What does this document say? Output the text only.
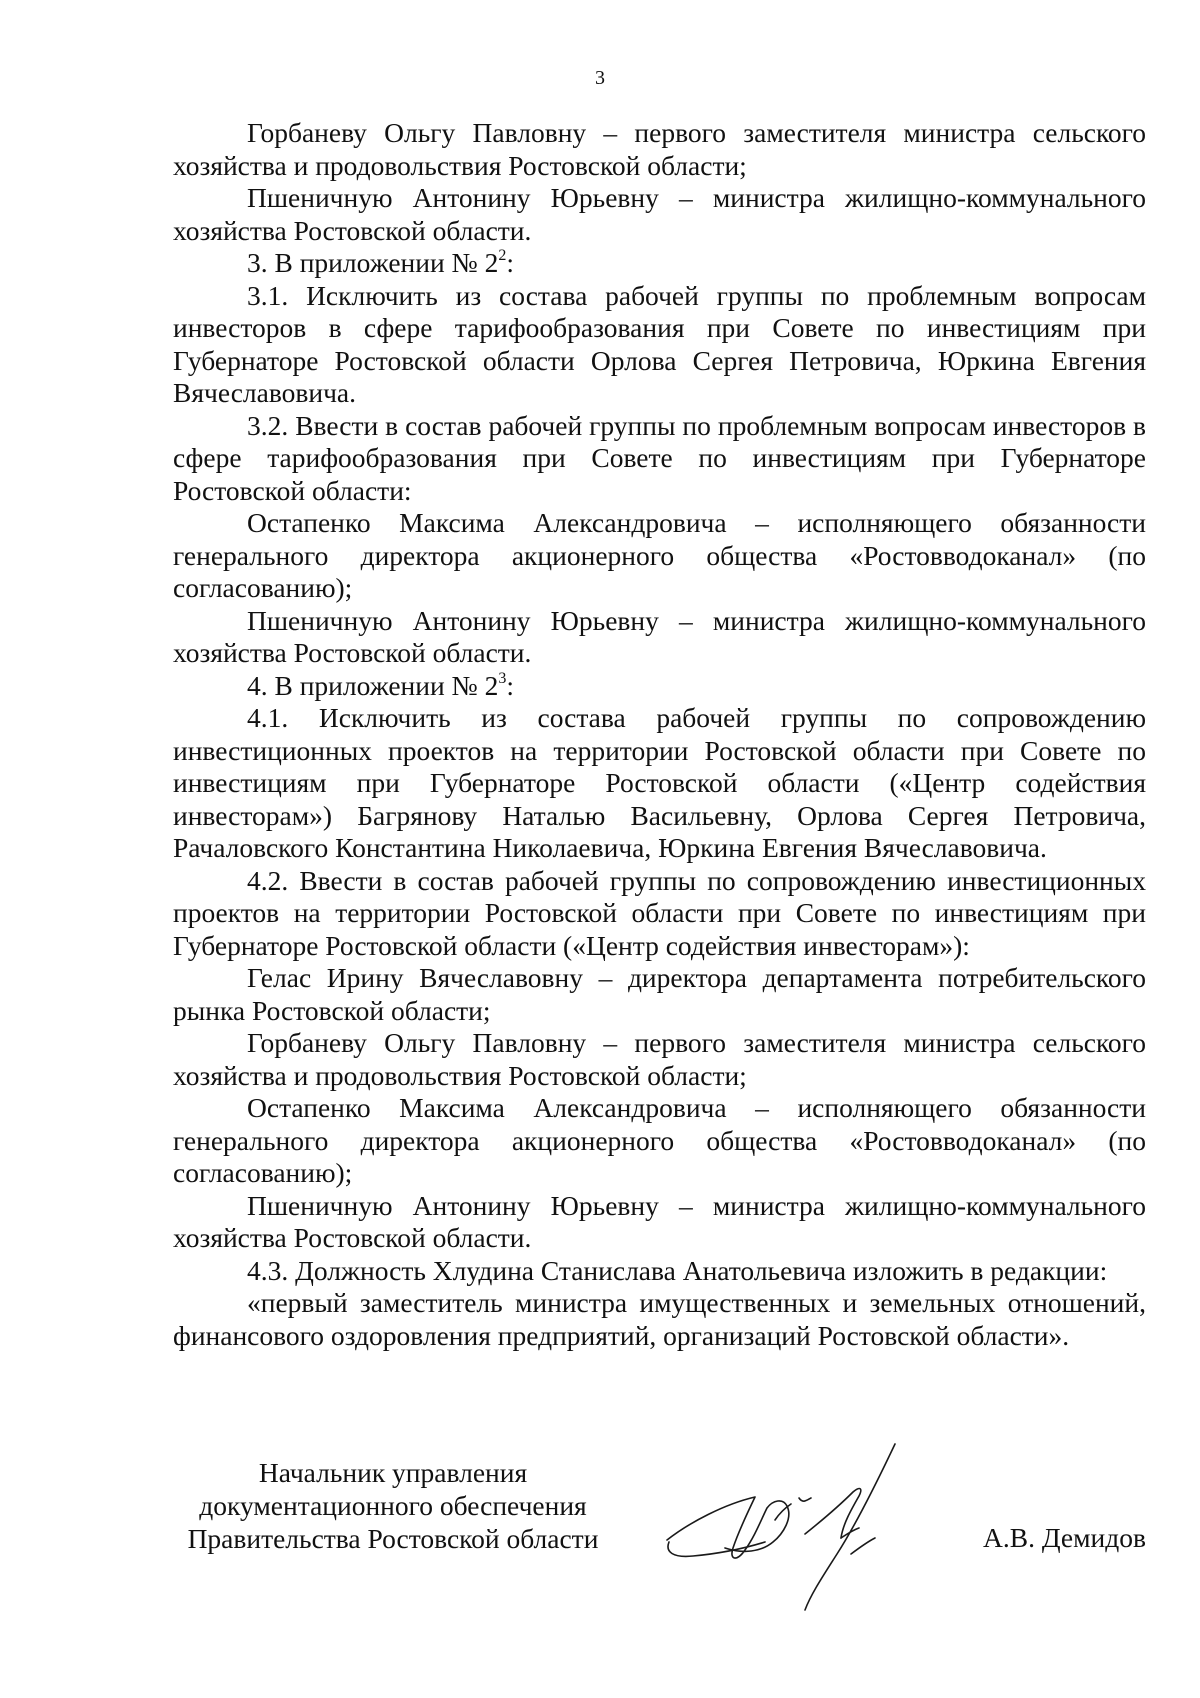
3

Горбаневу Ольгу Павловну – первого заместителя министра сельского хозяйства и продовольствия Ростовской области;

Пшеничную Антонину Юрьевну – министра жилищно-коммунального хозяйства Ростовской области.

3. В приложении № $2^2$:

3.1. Исключить из состава рабочей группы по проблемным вопросам инвесторов в сфере тарифообразования при Совете по инвестициям при Губернаторе Ростовской области Орлова Сергея Петровича, Юркина Евгения Вячеславовича.

3.2. Ввести в состав рабочей группы по проблемным вопросам инвесторов в сфере тарифообразования при Совете по инвестициям при Губернаторе Ростовской области:

Остапенко Максима Александровича – исполняющего обязанности генерального директора акционерного общества «Ростовводоканал» (по согласованию);

Пшеничную Антонину Юрьевну – министра жилищно-коммунального хозяйства Ростовской области.

4. В приложении № $2^3$:

4.1. Исключить из состава рабочей группы по сопровождению инвестиционных проектов на территории Ростовской области при Совете по инвестициям при Губернаторе Ростовской области («Центр содействия инвесторам») Багрянову Наталью Васильевну, Орлова Сергея Петровича, Рачаловского Константина Николаевича, Юркина Евгения Вячеславовича.

4.2. Ввести в состав рабочей группы по сопровождению инвестиционных проектов на территории Ростовской области при Совете по инвестициям при Губернаторе Ростовской области («Центр содействия инвесторам»):

Гелас Ирину Вячеславовну – директора департамента потребительского рынка Ростовской области;

Горбаневу Ольгу Павловну – первого заместителя министра сельского хозяйства и продовольствия Ростовской области;

Остапенко Максима Александровича – исполняющего обязанности генерального директора акционерного общества «Ростовводоканал» (по согласованию);

Пшеничную Антонину Юрьевну – министра жилищно-коммунального хозяйства Ростовской области.

4.3. Должность Хлудина Станислава Анатольевича изложить в редакции:

«первый заместитель министра имущественных и земельных отношений, финансового оздоровления предприятий, организаций Ростовской области».

Начальник управления
документационного обеспечения
Правительства Ростовской области	А.В. Демидов
